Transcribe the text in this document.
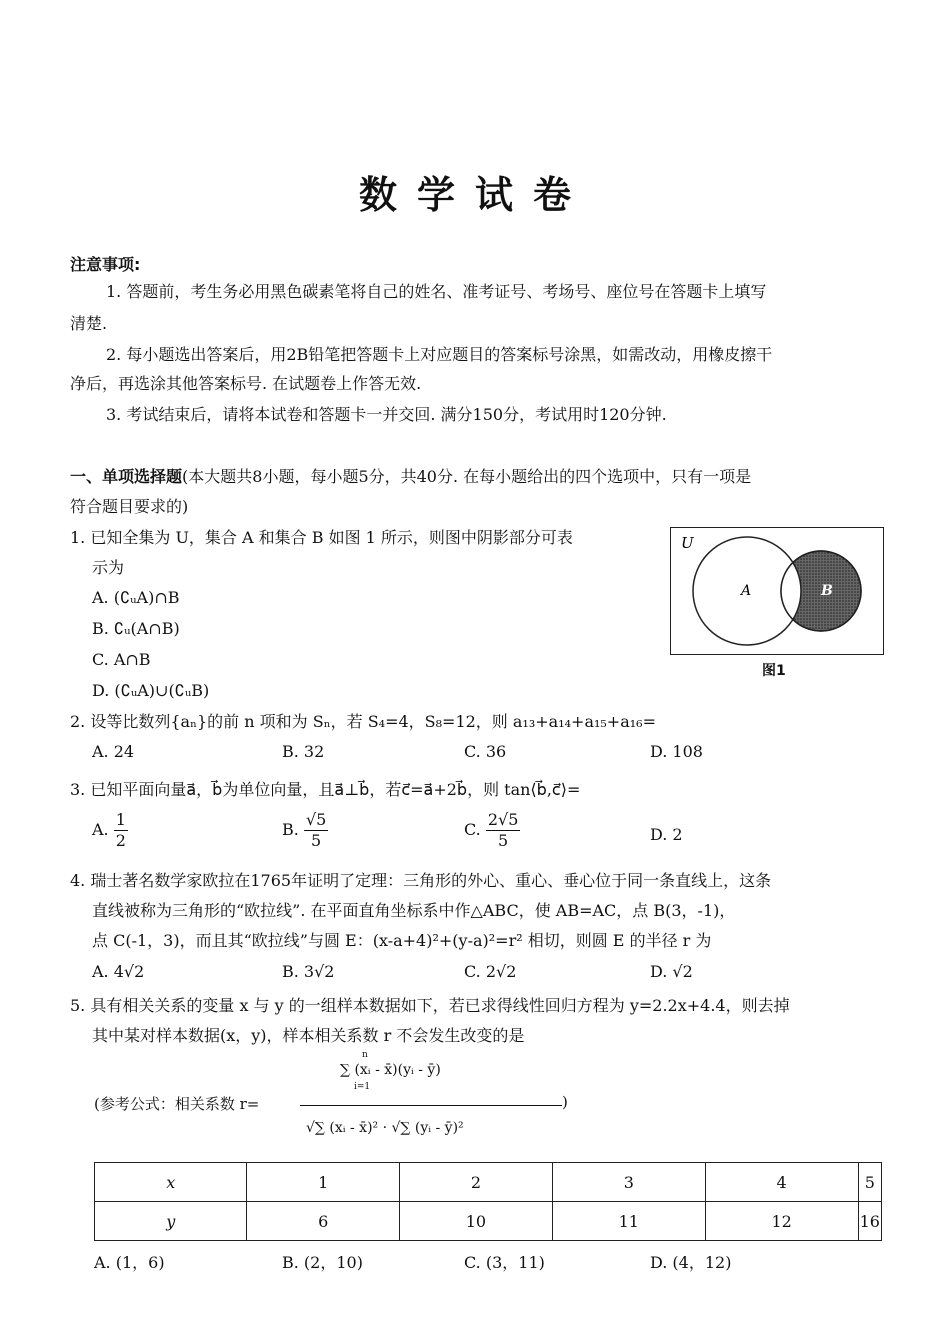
数学试卷
注意事项:
1. 答题前，考生务必用黑色碳素笔将自己的姓名、准考证号、考场号、座位号在答题卡上填写
清楚.
2. 每小题选出答案后，用2B铅笔把答题卡上对应题目的答案标号涂黑，如需改动，用橡皮擦干
净后，再选涂其他答案标号. 在试题卷上作答无效.
3. 考试结束后，请将本试卷和答题卡一并交回. 满分150分，考试用时120分钟.
一、单项选择题(本大题共8小题，每小题5分，共40分. 在每小题给出的四个选项中，只有一项是
符合题目要求的)
1. 已知全集为 U，集合 A 和集合 B 如图 1 所示，则图中阴影部分可表
示为
A. (∁ᵤA)∩B
B. ∁ᵤ(A∩B)
C. A∩B
D. (∁ᵤA)∪(∁ᵤB)
U
A	B
图1
2. 设等比数列{aₙ}的前 n 项和为 Sₙ，若 S₄=4，S₈=12，则 a₁₃+a₁₄+a₁₅+a₁₆=
A. 24	B. 32	C. 36	D. 108
3. 已知平面向量a⃗，b⃗为单位向量，且a⃗⊥b⃗，若c⃗=a⃗+2b⃗，则 tan⟨b⃗,c⃗⟩=
A. $\frac{1}{2}$	B. $\frac{√5}{5}$	C. $\frac{2√5}{5}$	D. 2
4. 瑞士著名数学家欧拉在1765年证明了定理：三角形的外心、重心、垂心位于同一条直线上，这条
直线被称为三角形的“欧拉线”. 在平面直角坐标系中作△ABC，使 AB=AC，点 B(3，-1)，
点 C(-1，3)，而且其“欧拉线”与圆 E：(x-a+4)²+(y-a)²=r² 相切，则圆 E 的半径 r 为
A. 4√2	B. 3√2	C. 2√2	D. √2
5. 具有相关关系的变量 x 与 y 的一组样本数据如下，若已求得线性回归方程为 y=2.2x+4.4，则去掉
其中某对样本数据(x，y)，样本相关系数 r 不会发生改变的是
(参考公式：相关系数 r=
∑ (xᵢ - x̄)(yᵢ - ȳ)
√∑ (xᵢ - x̄)² · √∑ (yᵢ - ȳ)²
)
n
i=1
x	1	2	3	4	5
y	6	10	11	12	16
A. (1，6)	B. (2，10)	C. (3，11)	D. (4，12)
